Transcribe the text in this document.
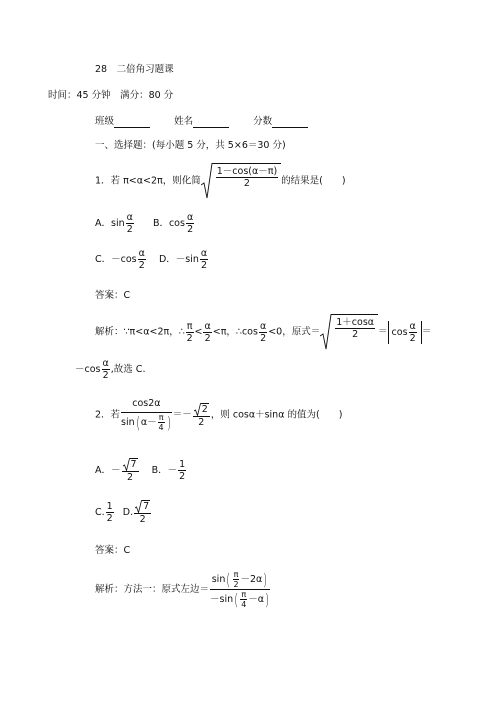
28　二倍角习题课
时间：45 分钟　满分：80 分
班级	姓名	分数
一、选择题：(每小题 5 分，共 5×6＝30 分)
1．若 π<α<2π，则化简 $\frac{1-\cos(\alpha-\pi)}{2}$ 的结果是(　　)
A．$\sin \frac{\alpha}{2}$ B．$\cos \frac{\alpha}{2}$
C．$-\cos \frac{\alpha}{2}$ D．$-\sin \frac{\alpha}{2}$
答案：C
解析：∵π<α<2π，∴ $\frac{\pi}{2} < \frac{\alpha}{2} <\pi$，∴cos $\frac{\alpha}{2} <0$，原式＝ $\frac{1+\cos\alpha}{2} = \cos \frac{\alpha}{2}$ ＝
$-\cos \frac{\alpha}{2}$ ,故选 C.
2．若 $\frac{\cos 2\alpha}{\sin(\alpha- \frac{\pi}{4} )} =- \frac{2}{2}$ ，则 cosα＋sinα 的值为(　　)
A．－ $\frac{7}{2}$ B．－ $\frac{1}{2}$
C. $\frac{1}{2} D$. $\frac{7}{2}$
答案：C
解析：方法一：原式左边＝ $\frac{\sin( \frac{\pi}{2} -2\alpha)}{-\sin( \frac{\pi}{4} -\alpha)}$
